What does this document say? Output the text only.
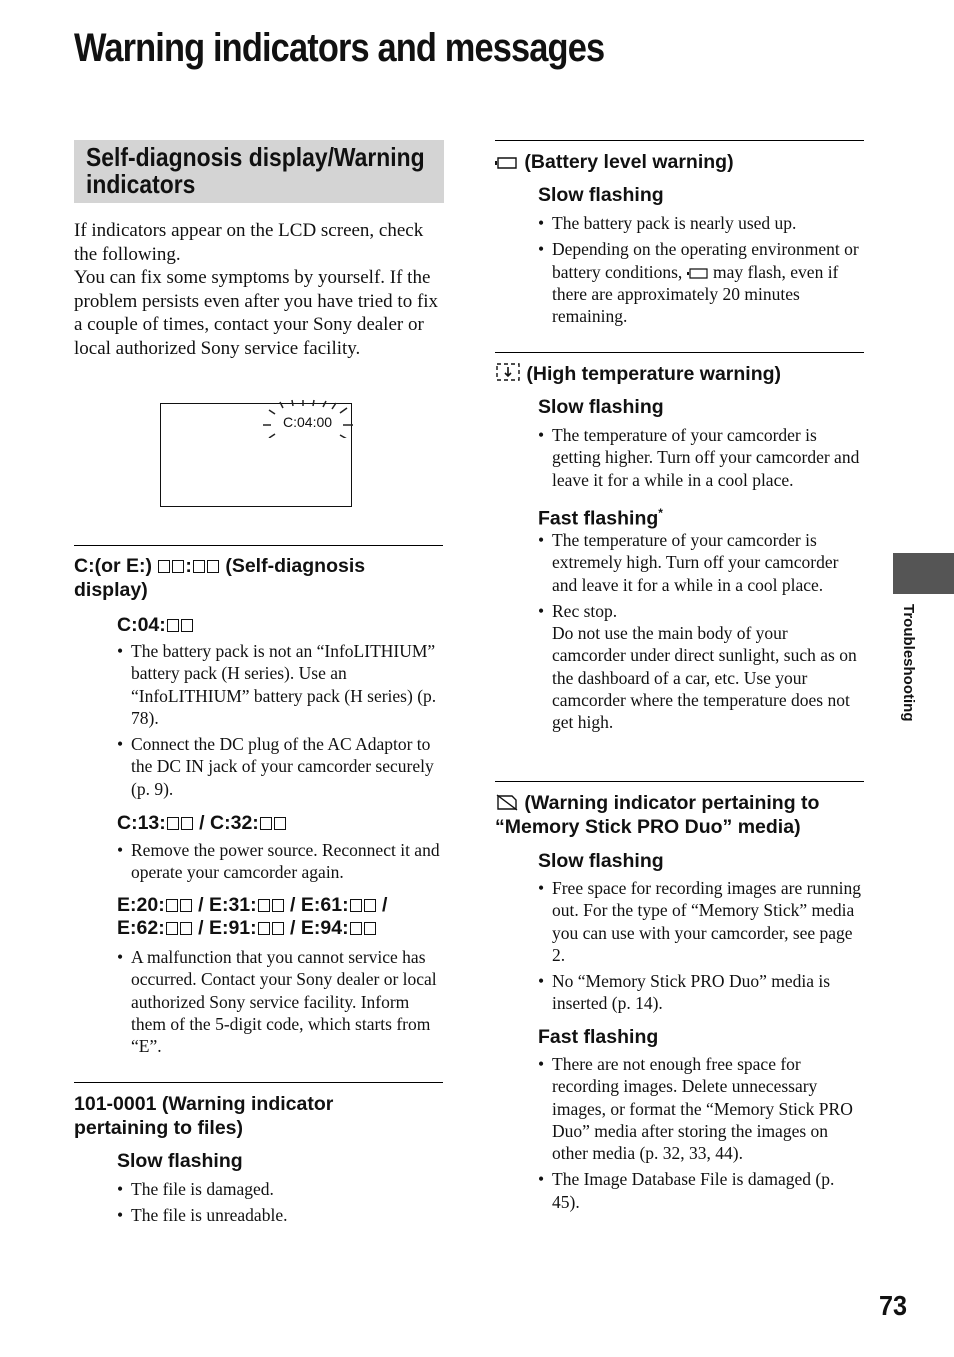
Warning indicators and messages
Self-diagnosis display/Warning indicators
If indicators appear on the LCD screen, check the following.
You can fix some symptoms by yourself. If the problem persists even after you have tried to fix a couple of times, contact your Sony dealer or local authorized Sony service facility.
C:04:00
C:(or E:) : (Self-diagnosis display)
C:04:
• The battery pack is not an “InfoLITHIUM” battery pack (H series). Use an “InfoLITHIUM” battery pack (H series) (p. 78).
• Connect the DC plug of the AC Adaptor to the DC IN jack of your camcorder securely (p. 9).
C:13: / C:32:
• Remove the power source. Reconnect it and operate your camcorder again.
E:20: / E:31: / E:61: /
E:62: / E:91: / E:94:
• A malfunction that you cannot service has occurred. Contact your Sony dealer or local authorized Sony service facility. Inform them of the 5-digit code, which starts from “E”.
101-0001 (Warning indicator pertaining to files)
Slow flashing
• The file is damaged.
• The file is unreadable.
(Battery level warning)
Slow flashing
• The battery pack is nearly used up.
• Depending on the operating environment or battery conditions, may flash, even if there are approximately 20 minutes remaining.
(High temperature warning)
Slow flashing
• The temperature of your camcorder is getting higher. Turn off your camcorder and leave it for a while in a cool place.
Fast flashing*
• The temperature of your camcorder is extremely high. Turn off your camcorder and leave it for a while in a cool place.
• Rec stop.
Do not use the main body of your camcorder under direct sunlight, such as on the dashboard of a car, etc. Use your camcorder where the temperature does not get high.
(Warning indicator pertaining to “Memory Stick PRO Duo” media)
Slow flashing
• Free space for recording images are running out. For the type of “Memory Stick” media you can use with your camcorder, see page 2.
• No “Memory Stick PRO Duo” media is inserted (p. 14).
Fast flashing
• There are not enough free space for recording images. Delete unnecessary images, or format the “Memory Stick PRO Duo” media after storing the images on other media (p. 32, 33, 44).
• The Image Database File is damaged (p. 45).
Troubleshooting
73
